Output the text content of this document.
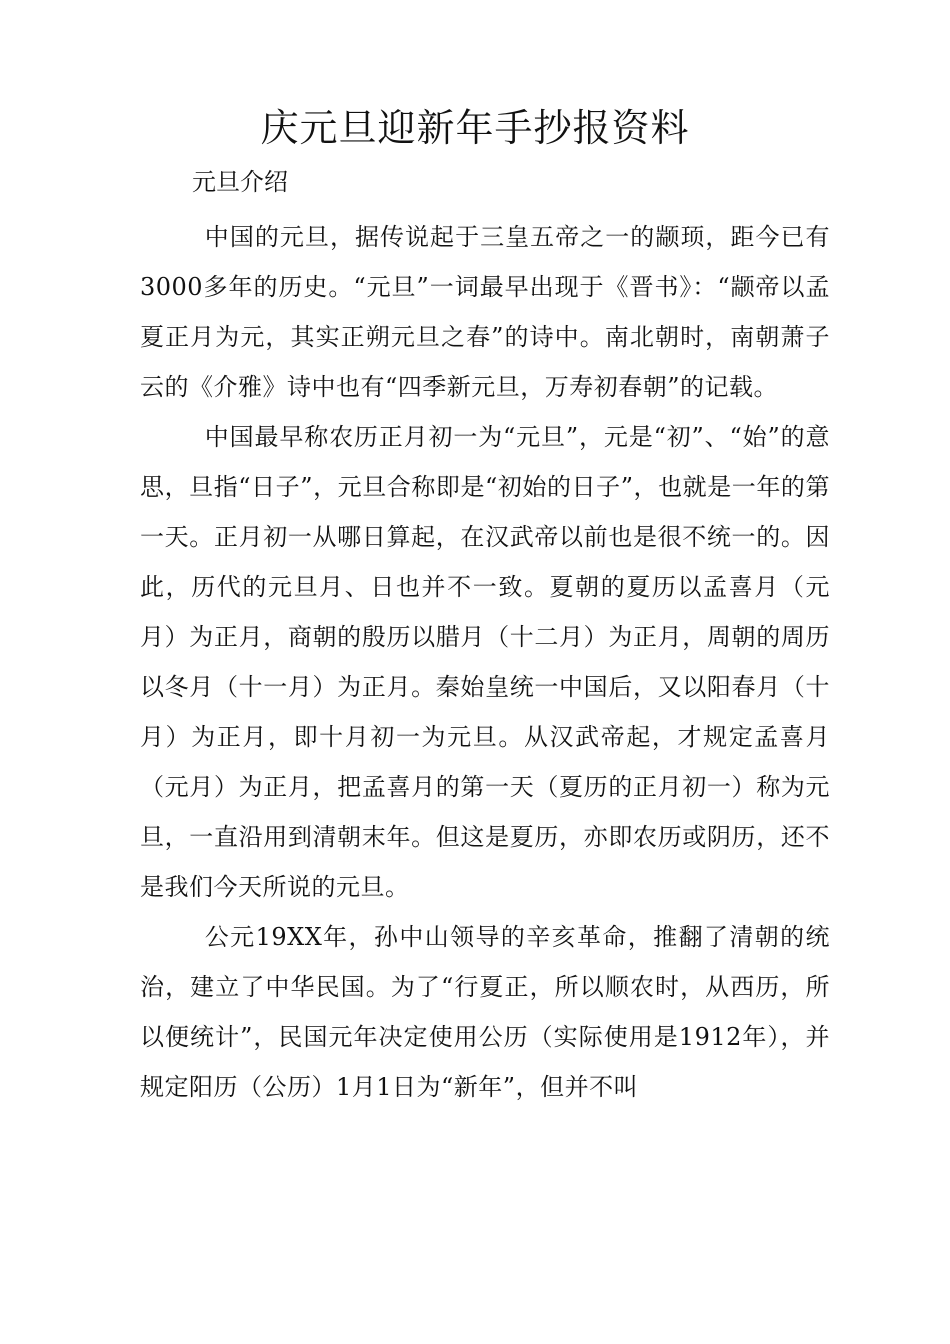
庆元旦迎新年手抄报资料
元旦介绍

中国的元旦，据传说起于三皇五帝之一的颛顼，距今已有3000多年的历史。“元旦”一词最早出现于《晋书》：“颛帝以孟夏正月为元，其实正朔元旦之春”的诗中。南北朝时，南朝萧子云的《介雅》诗中也有“四季新元旦，万寿初春朝”的记载。

中国最早称农历正月初一为“元旦”，元是“初”、“始”的意思，旦指“日子”，元旦合称即是“初始的日子”，也就是一年的第一天。正月初一从哪日算起，在汉武帝以前也是很不统一的。因此，历代的元旦月、日也并不一致。夏朝的夏历以孟喜月（元月）为正月，商朝的殷历以腊月（十二月）为正月，周朝的周历以冬月（十一月）为正月。秦始皇统一中国后，又以阳春月（十月）为正月，即十月初一为元旦。从汉武帝起，才规定孟喜月（元月）为正月，把孟喜月的第一天（夏历的正月初一）称为元旦，一直沿用到清朝末年。但这是夏历，亦即农历或阴历，还不是我们今天所说的元旦。

公元19XX年，孙中山领导的辛亥革命，推翻了清朝的统治，建立了中华民国。为了“行夏正，所以顺农时，从西历，所以便统计”，民国元年决定使用公历（实际使用是1912年），并规定阳历（公历）1月1日为“新年”，但并不叫
